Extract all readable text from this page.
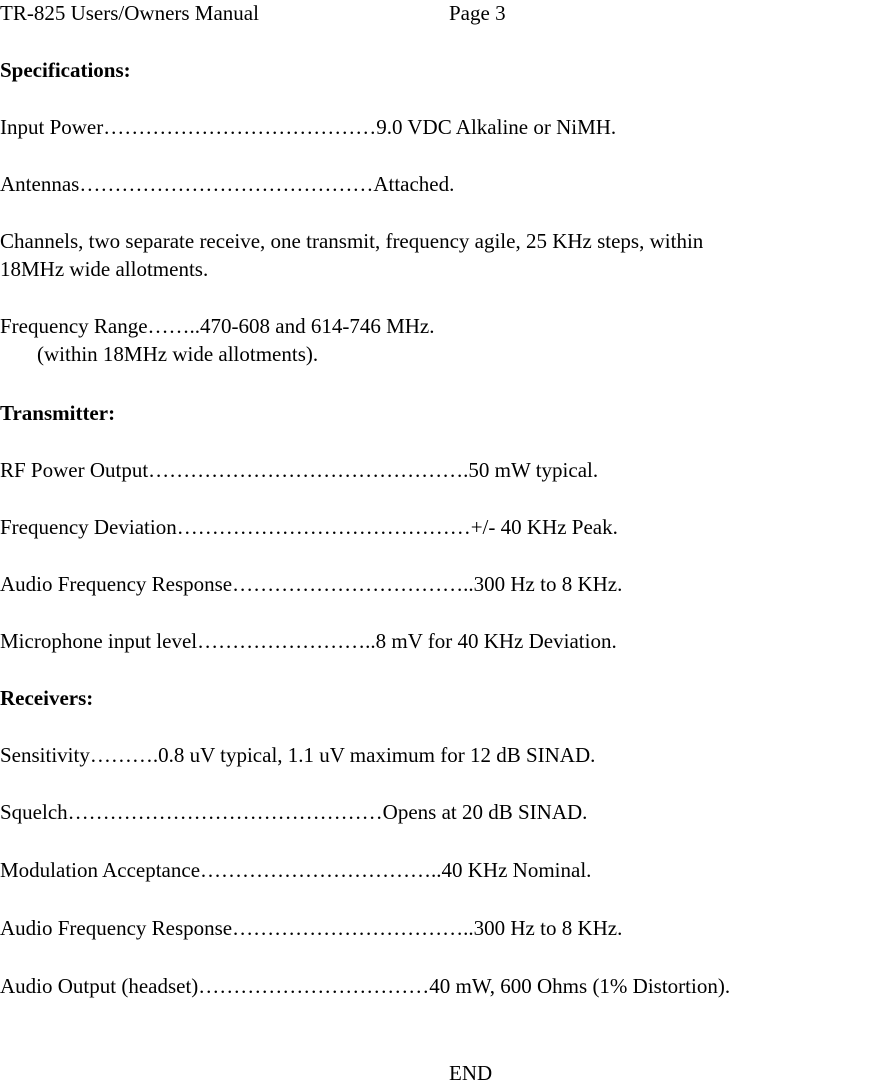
TR-825 Users/Owners Manual	Page 3
Specifications:
Input Power…………………………………9.0 VDC Alkaline or NiMH.
Antennas……………………………………Attached.
Channels, two separate receive, one transmit, frequency agile, 25 KHz steps, within
18MHz wide allotments.
Frequency Range……..470-608 and 614-746 MHz.
(within 18MHz wide allotments).
Transmitter:
RF Power Output……………………………………….50 mW typical.
Frequency Deviation……………………………………+/- 40 KHz Peak.
Audio Frequency Response……………………………..300 Hz to 8 KHz.
Microphone input level……………………..8 mV for 40 KHz Deviation.
Receivers:
Sensitivity……….0.8 uV typical, 1.1 uV maximum for 12 dB SINAD.
Squelch………………………………………Opens at 20 dB SINAD.
Modulation Acceptance……………………………..40 KHz Nominal.
Audio Frequency Response……………………………..300 Hz to 8 KHz.
Audio Output (headset)……………………………40 mW, 600 Ohms (1% Distortion).
END
